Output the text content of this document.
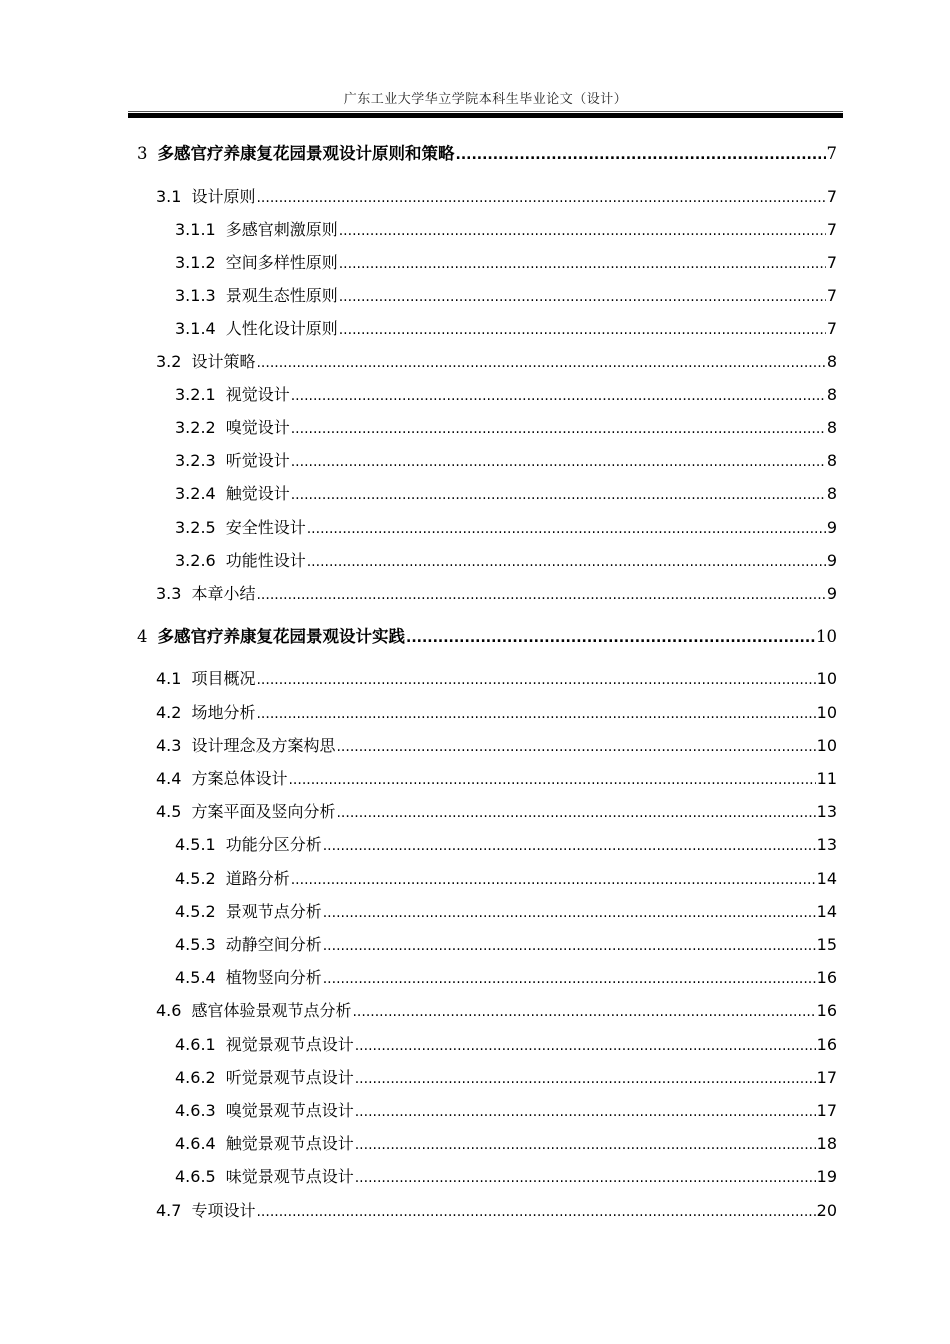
广东工业大学华立学院本科生毕业论文（设计）
3 多感官疗养康复花园景观设计原则和策略 .....	7
3.1 设计原则 .....	7
3.1.1 多感官刺激原则 .....	7
3.1.2 空间多样性原则 .....	7
3.1.3 景观生态性原则 .....	7
3.1.4 人性化设计原则 .....	7
3.2 设计策略 .....	8
3.2.1 视觉设计 .....	8
3.2.2 嗅觉设计 .....	8
3.2.3 听觉设计 .....	8
3.2.4 触觉设计 .....	8
3.2.5 安全性设计 .....	9
3.2.6 功能性设计 .....	9
3.3 本章小结 .....	9
4 多感官疗养康复花园景观设计实践 .....	10
4.1 项目概况 .....	10
4.2 场地分析 .....	10
4.3 设计理念及方案构思 .....	10
4.4 方案总体设计 .....	11
4.5 方案平面及竖向分析 .....	13
4.5.1 功能分区分析 .....	13
4.5.2 道路分析 .....	14
4.5.2 景观节点分析 .....	14
4.5.3 动静空间分析 .....	15
4.5.4 植物竖向分析 .....	16
4.6 感官体验景观节点分析 .....	16
4.6.1 视觉景观节点设计 .....	16
4.6.2 听觉景观节点设计 .....	17
4.6.3 嗅觉景观节点设计 .....	17
4.6.4 触觉景观节点设计 .....	18
4.6.5 味觉景观节点设计 .....	19
4.7 专项设计 .....	20
